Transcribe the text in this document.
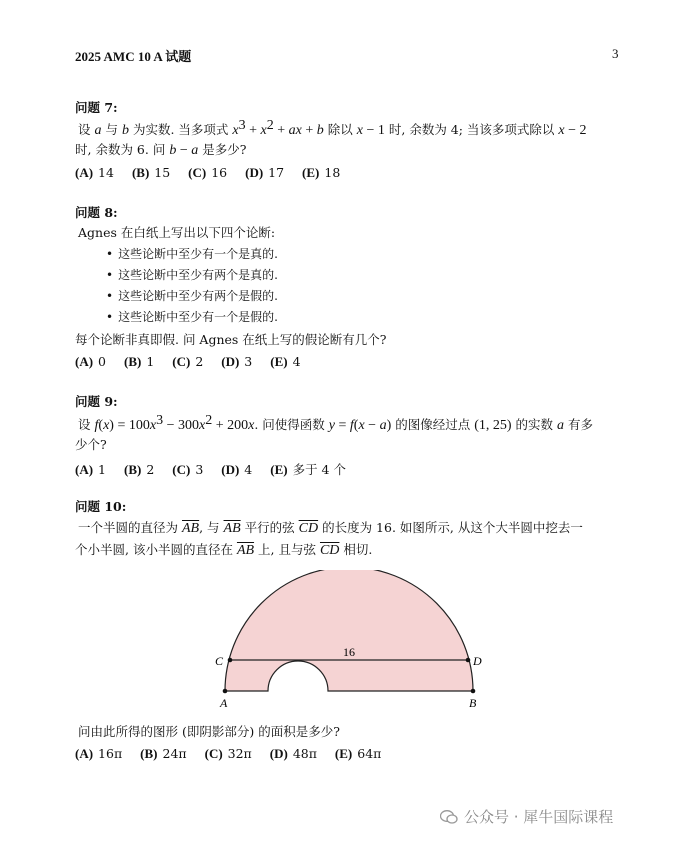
2025 AMC 10 A 试题	3
问题 7:
设 a 与 b 为实数. 当多项式 $x^3 + x^2$ + ax + b 除以 x − 1 时, 余数为 4; 当该多项式除以 x − 2
时, 余数为 6. 问 b − a 是多少?
(A) 14 (B) 15 (C) 16 (D) 17 (E) 18
问题 8:
Agnes 在白纸上写出以下四个论断:
• 这些论断中至少有一个是真的.
• 这些论断中至少有两个是真的.
• 这些论断中至少有两个是假的.
• 这些论断中至少有一个是假的.
每个论断非真即假. 问 Agnes 在纸上写的假论断有几个?
(A) 0 (B) 1 (C) 2 (D) 3 (E) 4
问题 9:
设 $f(x) = 100x^3 - 300x^2 + 200x$. 问使得函数 y = f(x − a) 的图像经过点 (1, 25) 的实数 a 有多
少个?
(A) 1 (B) 2 (C) 3 (D) 4 (E) 多于 4 个
问题 10:
一个半圆的直径为 $\overline{AB}$, 与 $\overline{AB}$ 平行的弦 $\overline{CD}$ 的长度为 16. 如图所示, 从这个大半圆中挖去一
个小半圆, 该小半圆的直径在 $\overline{AB}$ 上, 且与弦 $\overline{CD}$ 相切.
16
A	B
C	D
问由此所得的图形 (即阴影部分) 的面积是多少?
(A) 16π (B) 24π (C) 32π (D) 48π (E) 64π
公众号 · 犀牛国际课程
